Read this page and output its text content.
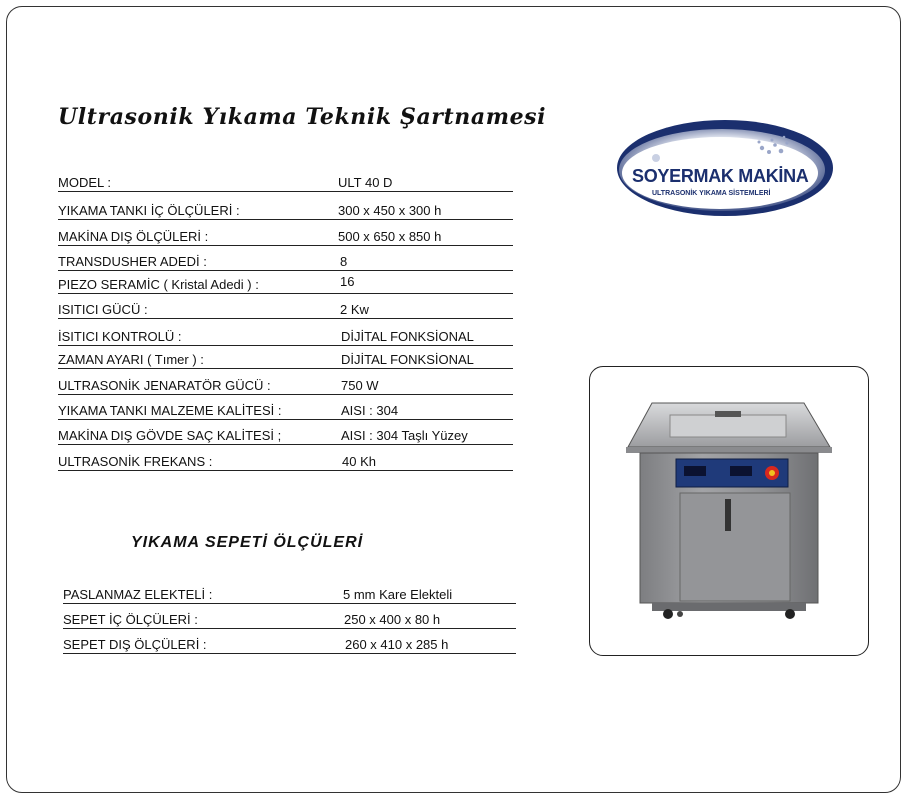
Ultrasonik Yıkama Teknik Şartnamesi
MODEL :	ULT 40 D
YIKAMA TANKI İÇ ÖLÇÜLERİ :	300 x 450 x 300 h
MAKİNA DIŞ ÖLÇÜLERİ :	500 x 650 x 850 h
TRANSDUSHER ADEDİ :	8
PIEZO SERAMİC ( Kristal Adedi ) :	16
ISITICI GÜCÜ :	2 Kw
İSITICI KONTROLÜ :	DİJİTAL FONKSİONAL
ZAMAN AYARI ( Tımer ) :	DİJİTAL FONKSİONAL
ULTRASONİK JENARATÖR GÜCÜ :	750 W
YIKAMA TANKI MALZEME KALİTESİ :	AISI : 304
MAKİNA DIŞ GÖVDE SAÇ KALİTESİ ;	AISI : 304 Taşlı Yüzey
ULTRASONİK FREKANS :	40 Kh
YIKAMA SEPETİ ÖLÇÜLERİ
PASLANMAZ ELEKTELİ :	5 mm Kare Elekteli
SEPET İÇ ÖLÇÜLERİ :	250 x 400 x 80 h
SEPET DIŞ ÖLÇÜLERİ :	260 x 410 x 285 h
SOYERMAK MAKİNA
ULTRASONİK YIKAMA SİSTEMLERİ
